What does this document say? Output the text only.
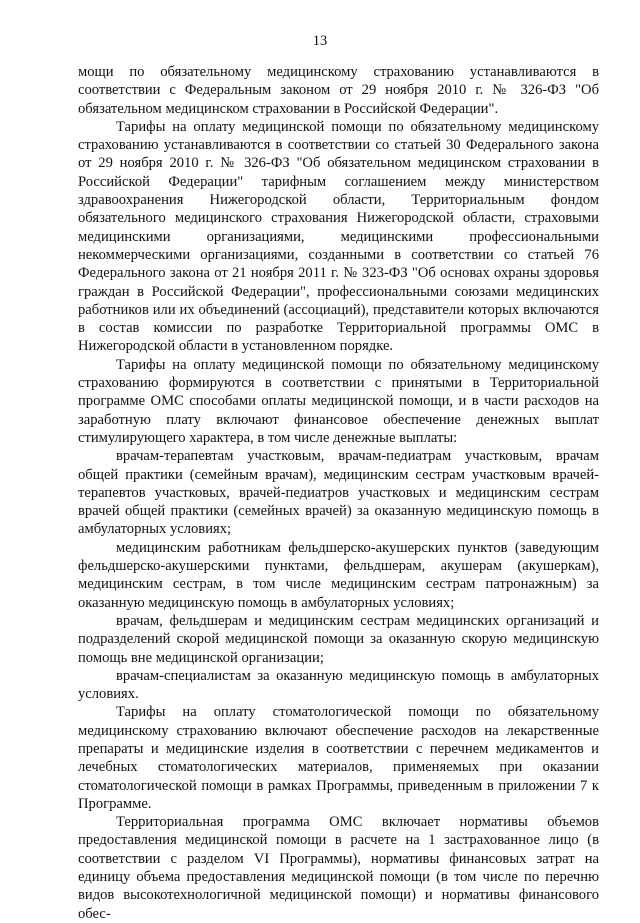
13

мощи по обязательному медицинскому страхованию устанавливаются в соответствии с Федеральным законом от 29 ноября 2010 г. № 326-ФЗ "Об обязательном медицинском страховании в Российской Федерации".

Тарифы на оплату медицинской помощи по обязательному медицинскому страхованию устанавливаются в соответствии со статьей 30 Федерального закона от 29 ноября 2010 г. № 326-ФЗ "Об обязательном медицинском страховании в Российской Федерации" тарифным соглашением между министерством здравоохранения Нижегородской области, Территориальным фондом обязательного медицинского страхования Нижегородской области, страховыми медицинскими организациями, медицинскими профессиональными некоммерческими организациями, созданными в соответствии со статьей 76 Федерального закона от 21 ноября 2011 г. № 323-ФЗ "Об основах охраны здоровья граждан в Российской Федерации", профессиональными союзами медицинских работников или их объединений (ассоциаций), представители которых включаются в состав комиссии по разработке Территориальной программы ОМС в Нижегородской области в установленном порядке.

Тарифы на оплату медицинской помощи по обязательному медицинскому страхованию формируются в соответствии с принятыми в Территориальной программе ОМС способами оплаты медицинской помощи, и в части расходов на заработную плату включают финансовое обеспечение денежных выплат стимулирующего характера, в том числе денежные выплаты:

врачам-терапевтам участковым, врачам-педиатрам участковым, врачам общей практики (семейным врачам), медицинским сестрам участковым врачей-терапевтов участковых, врачей-педиатров участковых и медицинским сестрам врачей общей практики (семейных врачей) за оказанную медицинскую помощь в амбулаторных условиях;

медицинским работникам фельдшерско-акушерских пунктов (заведующим фельдшерско-акушерскими пунктами, фельдшерам, акушерам (акушеркам), медицинским сестрам, в том числе медицинским сестрам патронажным) за оказанную медицинскую помощь в амбулаторных условиях;

врачам, фельдшерам и медицинским сестрам медицинских организаций и подразделений скорой медицинской помощи за оказанную скорую медицинскую помощь вне медицинской организации;

врачам-специалистам за оказанную медицинскую помощь в амбулаторных условиях.

Тарифы на оплату стоматологической помощи по обязательному медицинскому страхованию включают обеспечение расходов на лекарственные препараты и медицинские изделия в соответствии с перечнем медикаментов и лечебных стоматологических материалов, применяемых при оказании стоматологической помощи в рамках Программы, приведенным в приложении 7 к Программе.

Территориальная программа ОМС включает нормативы объемов предоставления медицинской помощи в расчете на 1 застрахованное лицо (в соответствии с разделом VI Программы), нормативы финансовых затрат на единицу объема предоставления медицинской помощи (в том числе по перечню видов высокотехнологичной медицинской помощи) и нормативы финансового обес-
